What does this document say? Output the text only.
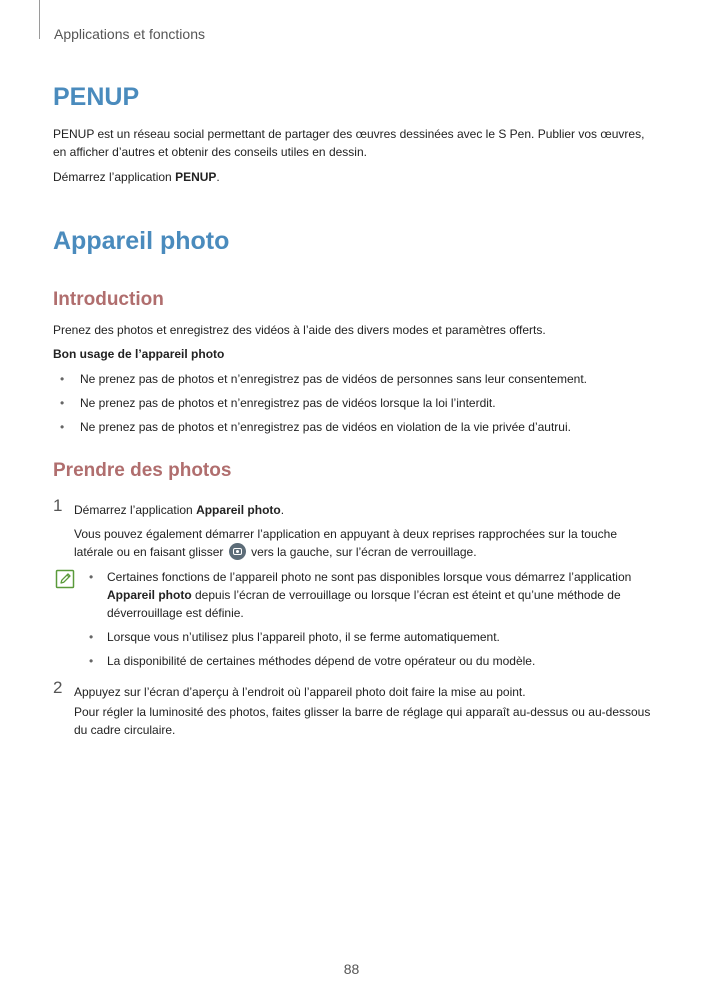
Applications et fonctions
PENUP

PENUP est un réseau social permettant de partager des œuvres dessinées avec le S Pen. Publier vos œuvres, en afficher d’autres et obtenir des conseils utiles en dessin.

Démarrez l’application PENUP.

Appareil photo
Introduction

Prenez des photos et enregistrez des vidéos à l’aide des divers modes et paramètres offerts.

Bon usage de l’appareil photo

• Ne prenez pas de photos et n’enregistrez pas de vidéos de personnes sans leur consentement.
• Ne prenez pas de photos et n’enregistrez pas de vidéos lorsque la loi l’interdit.
• Ne prenez pas de photos et n’enregistrez pas de vidéos en violation de la vie privée d’autrui.
Prendre des photos
1 Démarrez l’application Appareil photo.

Vous pouvez également démarrer l’application en appuyant à deux reprises rapprochées sur la touche latérale ou en faisant glisser  vers la gauche, sur l’écran de verrouillage.

• Certaines fonctions de l’appareil photo ne sont pas disponibles lorsque vous démarrez l’application Appareil photo depuis l’écran de verrouillage ou lorsque l’écran est éteint et qu’une méthode de déverrouillage est définie.
• Lorsque vous n’utilisez plus l’appareil photo, il se ferme automatiquement.
• La disponibilité de certaines méthodes dépend de votre opérateur ou du modèle.
2 Appuyez sur l’écran d’aperçu à l’endroit où l’appareil photo doit faire la mise au point.

Pour régler la luminosité des photos, faites glisser la barre de réglage qui apparaît au-dessus ou au-dessous du cadre circulaire.

88
